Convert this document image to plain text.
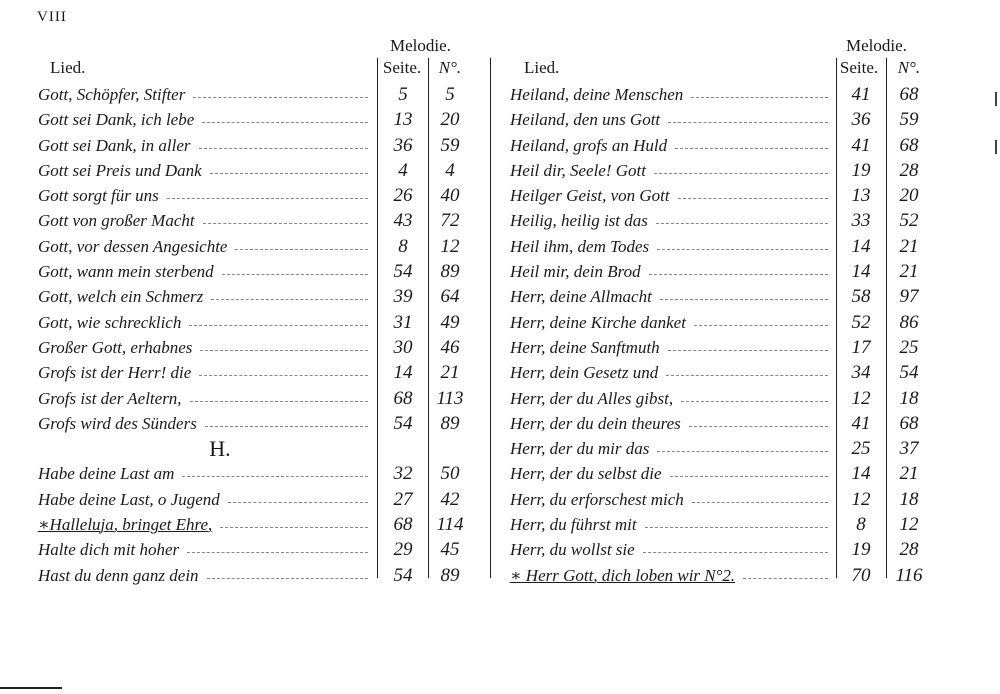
VIII
Melodie.
Lied.	Seite.	N°.
Gott, Schöpfer, Stifter	5	5
Gott sei Dank, ich lebe	13	20
Gott sei Dank, in aller	36	59
Gott sei Preis und Dank	4	4
Gott sorgt für uns	26	40
Gott von großer Macht	43	72
Gott, vor dessen Angesichte	8	12
Gott, wann mein sterbend	54	89
Gott, welch ein Schmerz	39	64
Gott, wie schrecklich	31	49
Großer Gott, erhabnes	30	46
Grofs ist der Herr! die	14	21
Grofs ist der Aeltern,	68	113
Grofs wird des Sünders	54	89
H.
Habe deine Last am	32	50
Habe deine Last, o Jugend	27	42
∗Halleluja, bringet Ehre,	68	114
Halte dich mit hoher	29	45
Hast du denn ganz dein	54	89
Melodie.
Lied.	Seite.	N°.
Heiland, deine Menschen	41	68
Heiland, den uns Gott	36	59
Heiland, grofs an Huld	41	68
Heil dir, Seele! Gott	19	28
Heilger Geist, von Gott	13	20
Heilig, heilig ist das	33	52
Heil ihm, dem Todes	14	21
Heil mir, dein Brod	14	21
Herr, deine Allmacht	58	97
Herr, deine Kirche danket	52	86
Herr, deine Sanftmuth	17	25
Herr, dein Gesetz und	34	54
Herr, der du Alles gibst,	12	18
Herr, der du dein theures	41	68
Herr, der du mir das	25	37
Herr, der du selbst die	14	21
Herr, du erforschest mich	12	18
Herr, du führst mit	8	12
Herr, du wollst sie	19	28
∗ Herr Gott, dich loben wir N°2.	70	116
